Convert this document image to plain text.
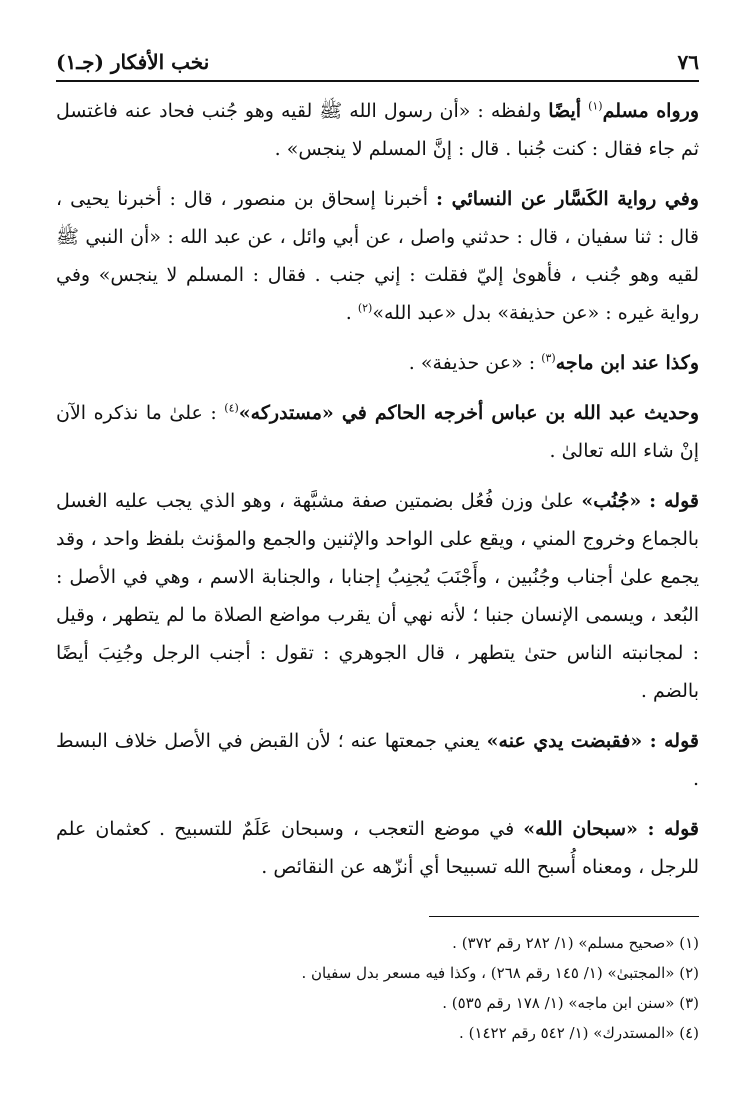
٧٦
نخب الأفكار (جـ١)

ورواه مسلم$^{(١)}$ أيضًا ولفظه : «أن رسول الله ﷺ لقيه وهو جُنب فحاد عنه فاغتسل ثم جاء فقال : كنت جُنبا . قال : إنَّ المسلم لا ينجس» .

وفي رواية الكَسَّار عن النسائي : أخبرنا إسحاق بن منصور ، قال : أخبرنا يحيى ، قال : ثنا سفيان ، قال : حدثني واصل ، عن أبي وائل ، عن عبد الله : «أن النبي ﷺ لقيه وهو جُنب ، فأهوىٰ إليّ فقلت : إني جنب . فقال : المسلم لا ينجس» وفي رواية غيره : «عن حذيفة» بدل «عبد الله»$^{(٢)}$ .

وكذا عند ابن ماجه$^{(٣)}$ : «عن حذيفة» .

وحديث عبد الله بن عباس أخرجه الحاكم في «مستدركه»$^{(٤)}$ : علىٰ ما نذكره الآن إنْ شاء الله تعالىٰ .

قوله : «جُنُب» علىٰ وزن فُعُل بضمتين صفة مشبَّهة ، وهو الذي يجب عليه الغسل بالجماع وخروج المني ، ويقع على الواحد والإثنين والجمع والمؤنث بلفظ واحد ، وقد يجمع علىٰ أجناب وجُنُبين ، وأَجْنَبَ يُجنِبُ إجنابا ، والجنابة الاسم ، وهي في الأصل : البُعد ، ويسمى الإنسان جنبا ؛ لأنه نهي أن يقرب مواضع الصلاة ما لم يتطهر ، وقيل : لمجانبته الناس حتىٰ يتطهر ، قال الجوهري : تقول : أجنب الرجل وجُنِبَ أيضًا بالضم .

قوله : «فقبضت يدي عنه» يعني جمعتها عنه ؛ لأن القبض في الأصل خلاف البسط .

قوله : «سبحان الله» في موضع التعجب ، وسبحان عَلَمٌ للتسبيح . كعثمان علم للرجل ، ومعناه أُسبح الله تسبيحا أي أنزّهه عن النقائص .

(١) «صحيح مسلم» (١/ ٢٨٢ رقم ٣٧٢) .

(٢) «المجتبىٰ» (١/ ١٤٥ رقم ٢٦٨) ، وكذا فيه مسعر بدل سفيان .

(٣) «سنن ابن ماجه» (١/ ١٧٨ رقم ٥٣٥) .

(٤) «المستدرك» (١/ ٥٤٢ رقم ١٤٢٢) .
